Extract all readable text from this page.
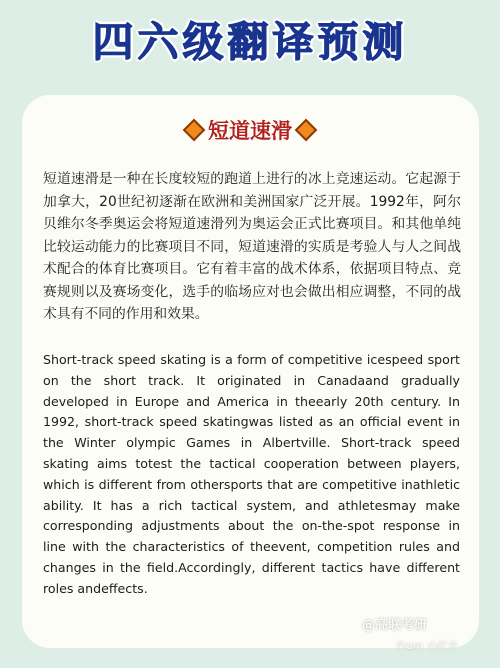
四六级翻译预测
短道速滑

短道速滑是一种在长度较短的跑道上进行的冰上竞速运动。它起源于加拿大，20世纪初逐渐在欧洲和美洲国家广泛开展。1992年，阿尔贝维尔冬季奥运会将短道速滑列为奥运会正式比赛项目。和其他单纯比较运动能力的比赛项目不同，短道速滑的实质是考验人与人之间战术配合的体育比赛项目。它有着丰富的战术体系，依据项目特点、竞赛规则以及赛场变化，选手的临场应对也会做出相应调整，不同的战术具有不同的作用和效果。

Short-track speed skating is a form of competitive icespeed sport on the short track. It originated in Canadaand gradually developed in Europe and America in theearly 20th century. In 1992, short-track speed skatingwas listed as an official event in the Winter olympic Games in Albertville. Short-track speed skating aims totest the tactical cooperation between players, which is different from othersports that are competitive inathletic ability. It has a rich tactical system, and athletesmay make corresponding adjustments about the on-the-spot response in line with the characteristics of theevent, competition rules and changes in the field.Accordingly, different tactics have different roles andeffects.

@高联考研
From 小红书
